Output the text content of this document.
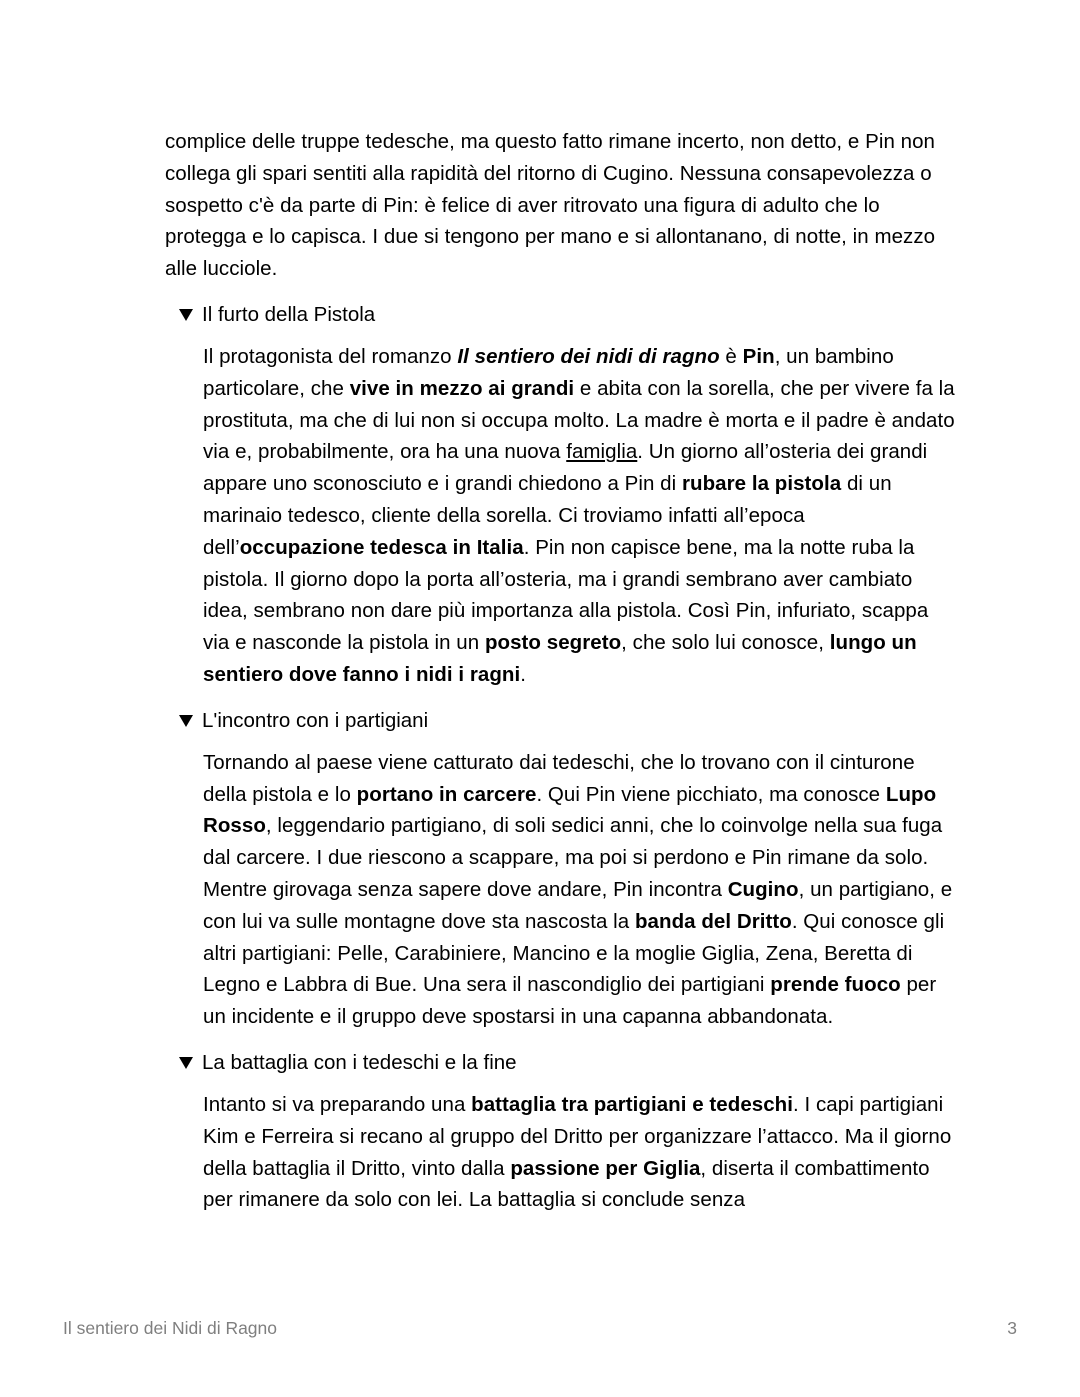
complice delle truppe tedesche, ma questo fatto rimane incerto, non detto, e Pin non collega gli spari sentiti alla rapidità del ritorno di Cugino. Nessuna consapevolezza o sospetto c'è da parte di Pin: è felice di aver ritrovato una figura di adulto che lo protegga e lo capisca. I due si tengono per mano e si allontanano, di notte, in mezzo alle lucciole.

Il furto della Pistola

Il protagonista del romanzo Il sentiero dei nidi di ragno è Pin, un bambino particolare, che vive in mezzo ai grandi e abita con la sorella, che per vivere fa la prostituta, ma che di lui non si occupa molto. La madre è morta e il padre è andato via e, probabilmente, ora ha una nuova famiglia. Un giorno all’osteria dei grandi appare uno sconosciuto e i grandi chiedono a Pin di rubare la pistola di un marinaio tedesco, cliente della sorella. Ci troviamo infatti all’epoca dell’occupazione tedesca in Italia. Pin non capisce bene, ma la notte ruba la pistola. Il giorno dopo la porta all’osteria, ma i grandi sembrano aver cambiato idea, sembrano non dare più importanza alla pistola. Così Pin, infuriato, scappa via e nasconde la pistola in un posto segreto, che solo lui conosce, lungo un sentiero dove fanno i nidi i ragni.

L'incontro con i partigiani

Tornando al paese viene catturato dai tedeschi, che lo trovano con il cinturone della pistola e lo portano in carcere. Qui Pin viene picchiato, ma conosce Lupo Rosso, leggendario partigiano, di soli sedici anni, che lo coinvolge nella sua fuga dal carcere. I due riescono a scappare, ma poi si perdono e Pin rimane da solo. Mentre girovaga senza sapere dove andare, Pin incontra Cugino, un partigiano, e con lui va sulle montagne dove sta nascosta la banda del Dritto. Qui conosce gli altri partigiani: Pelle, Carabiniere, Mancino e la moglie Giglia, Zena, Beretta di Legno e Labbra di Bue. Una sera il nascondiglio dei partigiani prende fuoco per un incidente e il gruppo deve spostarsi in una capanna abbandonata.

La battaglia con i tedeschi e la fine

Intanto si va preparando una battaglia tra partigiani e tedeschi. I capi partigiani Kim e Ferreira si recano al gruppo del Dritto per organizzare l’attacco. Ma il giorno della battaglia il Dritto, vinto dalla passione per Giglia, diserta il combattimento per rimanere da solo con lei. La battaglia si conclude senza

Il sentiero dei Nidi di Ragno	3
